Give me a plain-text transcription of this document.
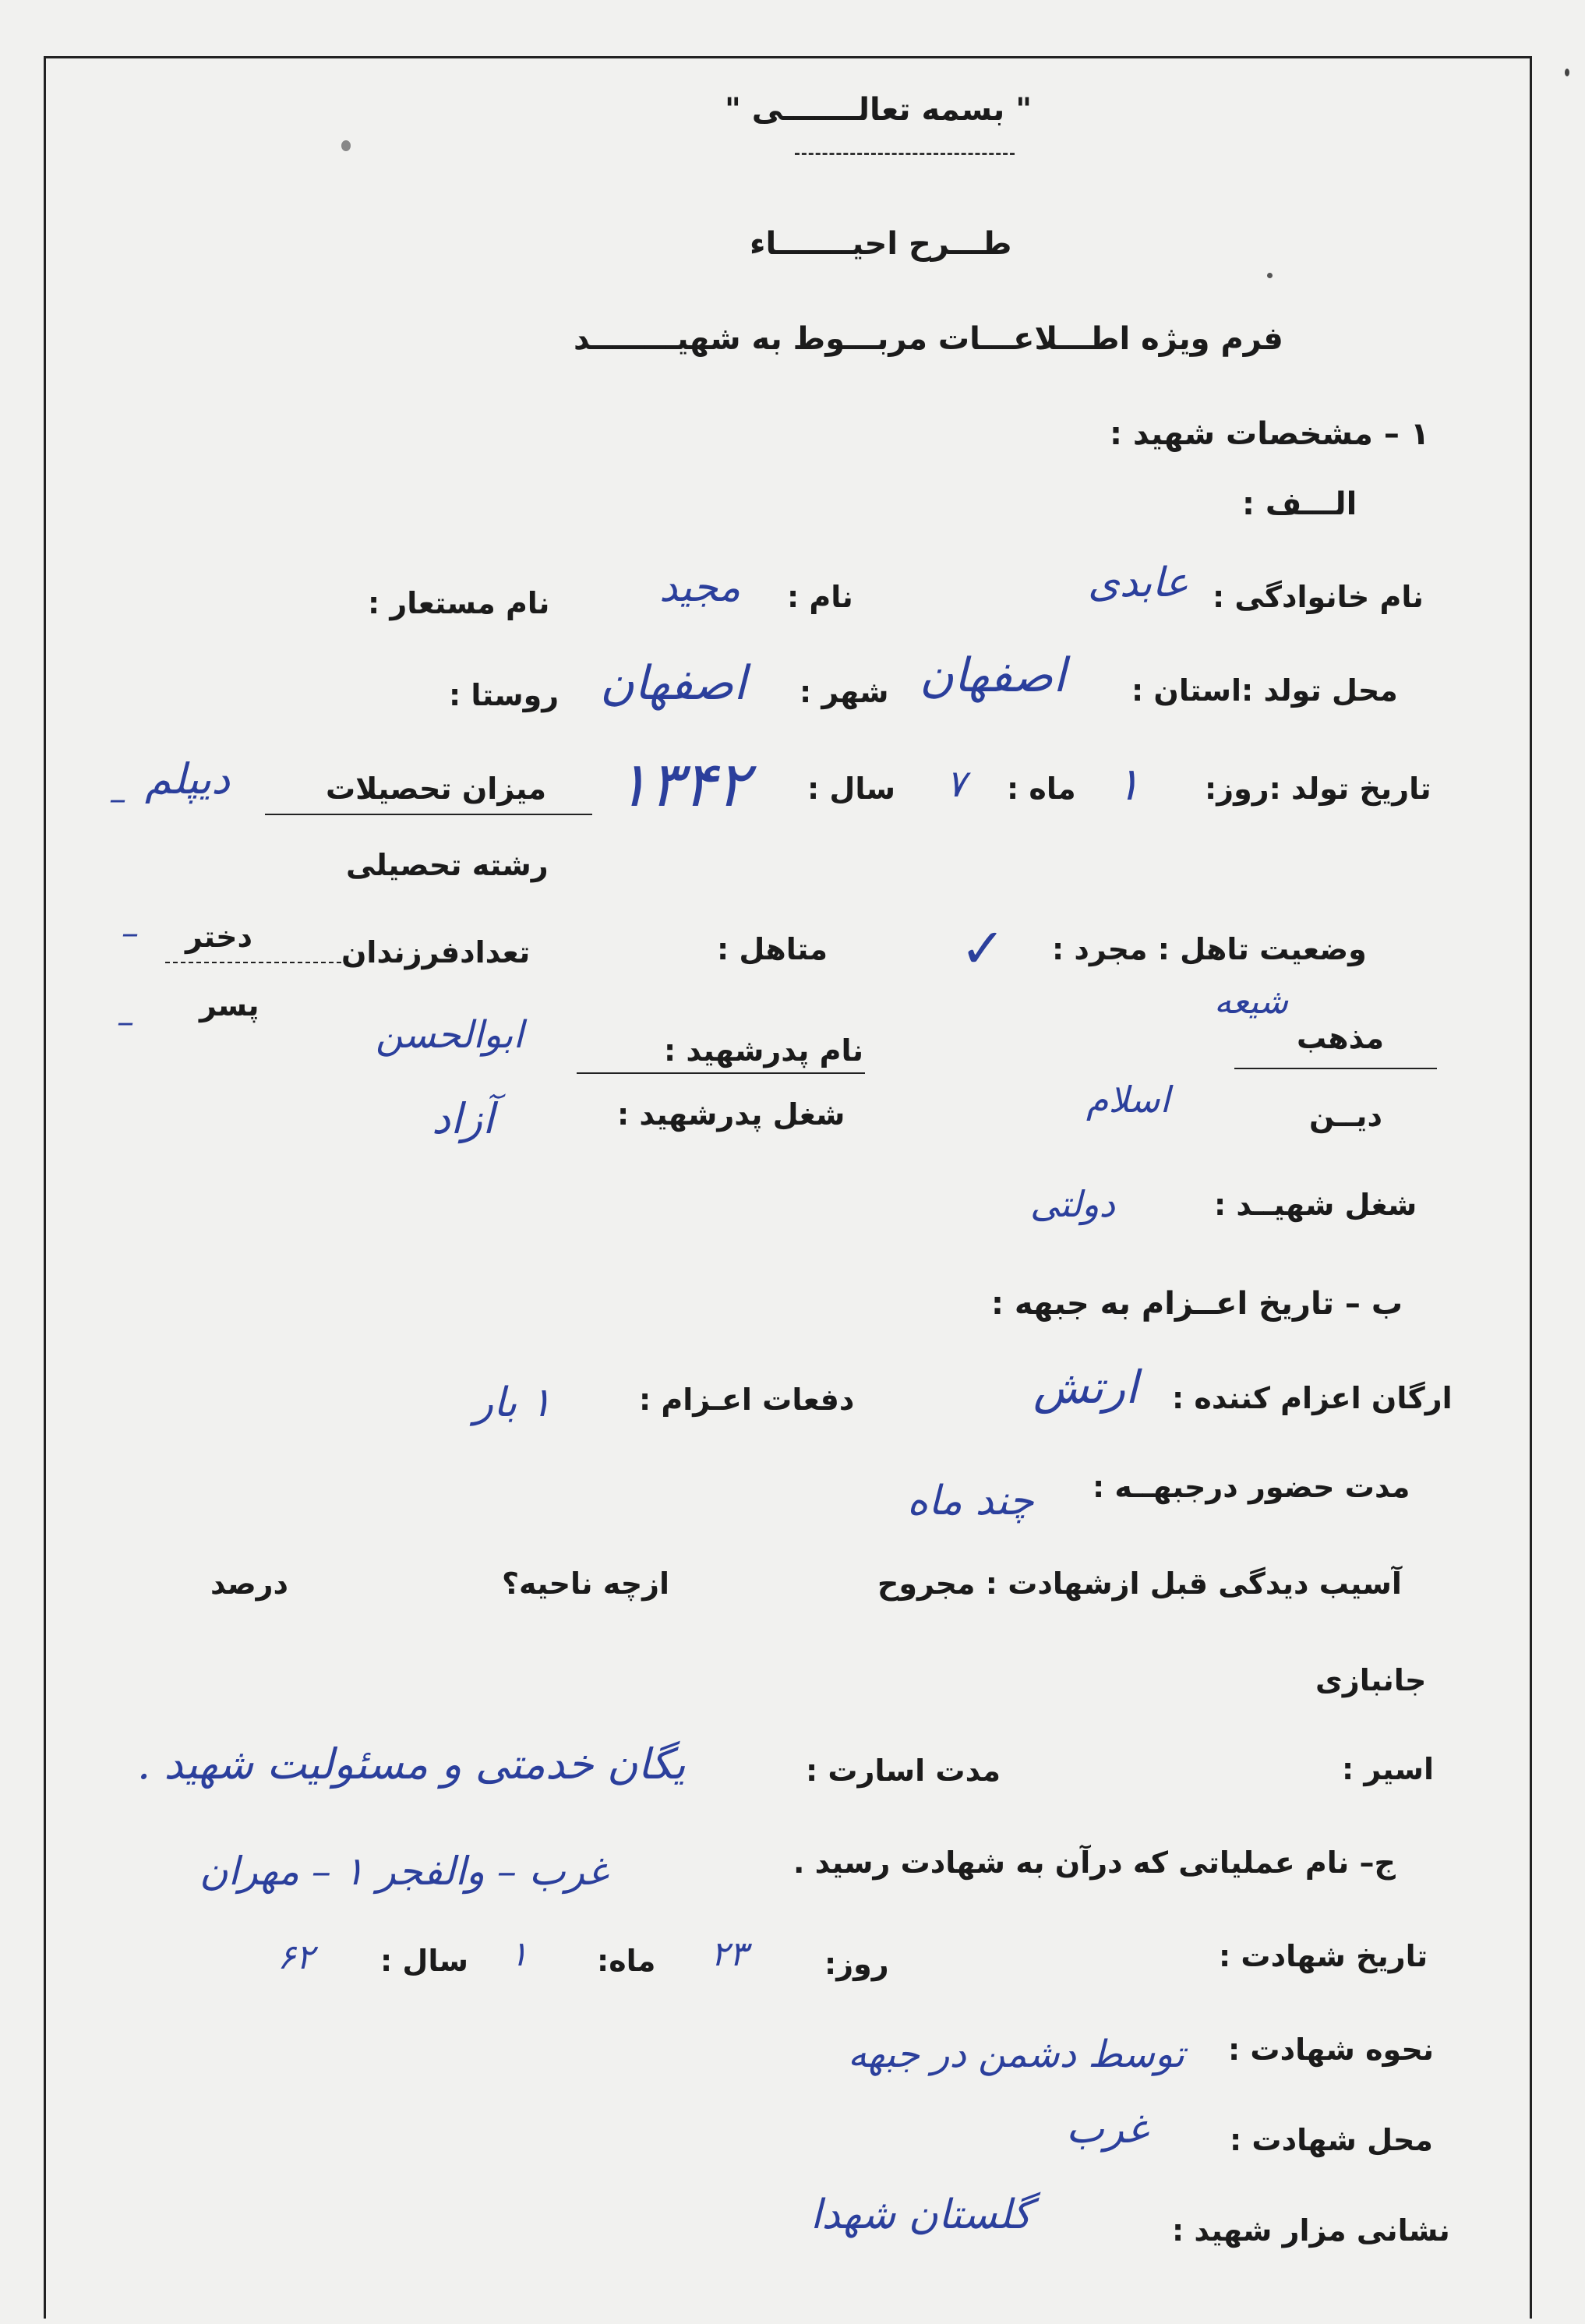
" بسمه تعالـــــــی "
طـــرح احيـــــــاء
فرم ويژه اطـــلاعـــات مربـــوط به شهيــــــــد
۱ – مشخصات شهيد :
الـــف :
نام خانوادگی :
عابدی
نام :
مجيد
نام مستعار :
محل تولد :استان :
اصفهان
شهر :
اصفهان
روستا :
تاريخ تولد :روز:
۱
ماه :
۷
سال :
۱۳۴۲
ميزان تحصيلات
دیپلم
–
رشته تحصيلی
وضعيت تاهل : مجرد :
✓
متاهل :
تعدادفرزندان
دختر
–
پسر
–	مذهب
شیعه
نام پدرشهيد :
ابوالحسن
ديــن
اسلام
شغل پدرشهيد :
آزاد
شغل شهيــد :
دولتی
ب – تاريخ اعــزام به جبهه :
ارگان اعزام كننده :
ارتش
دفعات اعـزام :
۱ بار
مدت حضور درجبهــه :
چند ماه
آسيب ديدگی قبل ازشهادت : مجروح
ازچه ناحيه؟
درصد
جانبازی
اسير :
مدت اسارت :
یگان خدمتی و مسئولیت شهید .
ج– نام عملياتی كه درآن به شهادت رسيد .
غرب – والفجر ۱ – مهران
تاريخ شهادت :
روز:
۲۳
ماه:
۱
سال :
۶۲
نحوه شهادت :
توسط دشمن در جبهه
محل شهادت :
غرب
نشانی مزار شهيد :
گلستان شهدا
